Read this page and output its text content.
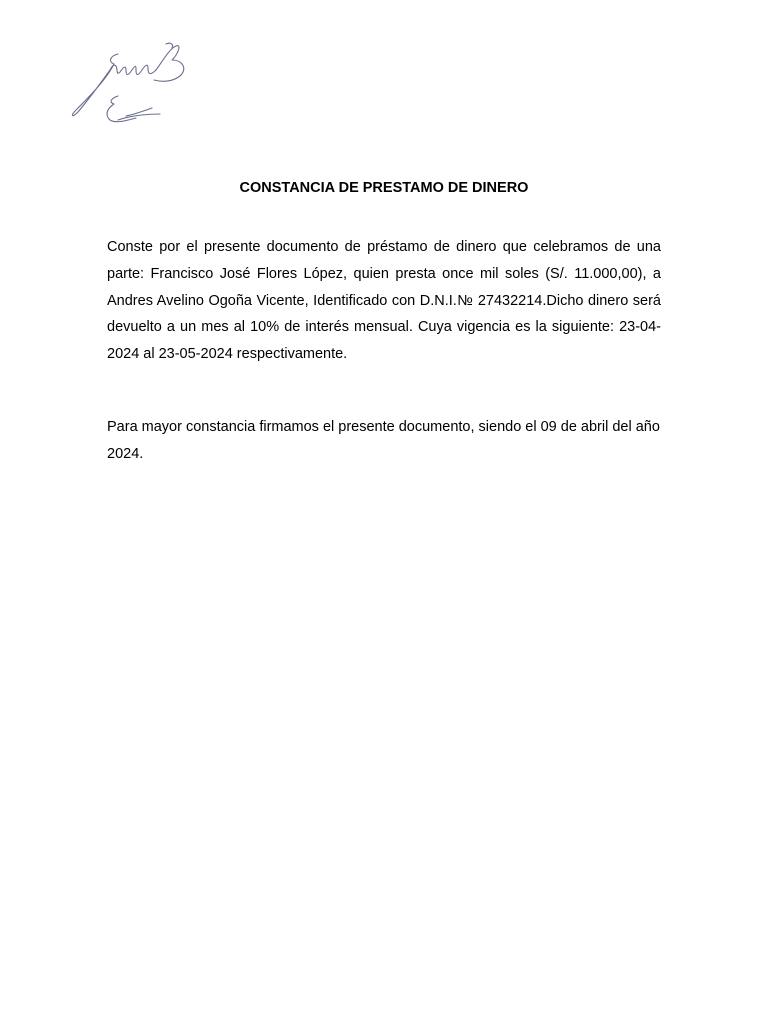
CONSTANCIA DE PRESTAMO DE DINERO

Conste por el presente documento de préstamo de dinero que celebramos de una parte: Francisco José Flores López, quien presta once mil soles (S/. 11.000,00), a Andres Avelino Ogoña Vicente, Identificado con D.N.I.№ 27432214.Dicho dinero será devuelto a un mes al 10% de interés mensual. Cuya vigencia es la siguiente: 23-04-2024 al 23-05-2024 respectivamente.

Para mayor constancia firmamos el presente documento, siendo el 09 de abril del año 2024.
